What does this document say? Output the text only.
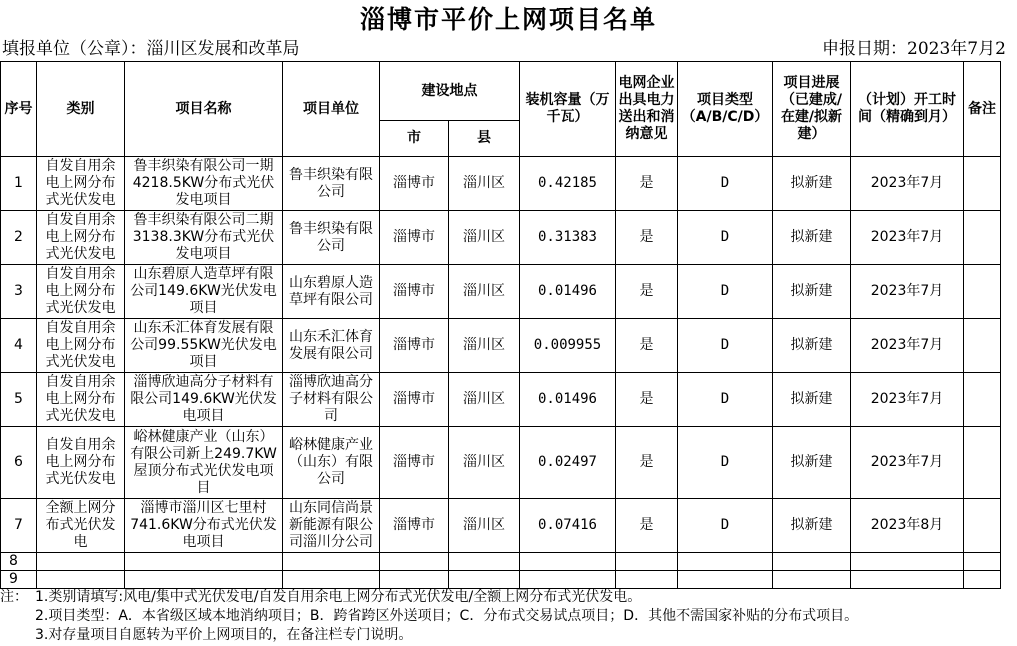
淄博市平价上网项目名单
填报单位（公章）：淄川区发展和改革局	申报日期：2023年7月2
序号	类别	项目名称	项目单位	建设地点		装机容量（万千瓦）	电网企业出具电力送出和消纳意见	项目类型（A/B/C/D）	项目进展（已建成/在建/拟新建）	（计划）开工时间（精确到月）	备注
				市	县						
1	自发自用余电上网分布式光伏发电	鲁丰织染有限公司一期4218.5KW分布式光伏发电项目	鲁丰织染有限公司	淄博市	淄川区	0.42185	是	D	拟新建	2023年7月	
2	自发自用余电上网分布式光伏发电	鲁丰织染有限公司二期3138.3KW分布式光伏发电项目	鲁丰织染有限公司	淄博市	淄川区	0.31383	是	D	拟新建	2023年7月	
3	自发自用余电上网分布式光伏发电	山东碧原人造草坪有限公司149.6KW光伏发电项目	山东碧原人造草坪有限公司	淄博市	淄川区	0.01496	是	D	拟新建	2023年7月	
4	自发自用余电上网分布式光伏发电	山东禾汇体育发展有限公司99.55KW光伏发电项目	山东禾汇体育发展有限公司	淄博市	淄川区	0.009955	是	D	拟新建	2023年7月	
5	自发自用余电上网分布式光伏发电	淄博欣迪高分子材料有限公司149.6KW光伏发电项目	淄博欣迪高分子材料有限公司	淄博市	淄川区	0.01496	是	D	拟新建	2023年7月	
6	自发自用余电上网分布式光伏发电	峪林健康产业（山东）有限公司新上249.7KW屋顶分布式光伏发电项目	峪林健康产业（山东）有限公司	淄博市	淄川区	0.02497	是	D	拟新建	2023年7月	
7	全额上网分布式光伏发电	淄博市淄川区七里村741.6KW分布式光伏发电项目	山东同信尚景新能源有限公司淄川分公司	淄博市	淄川区	0.07416	是	D	拟新建	2023年8月	
8											
9											
注： 1.类别请填写:风电/集中式光伏发电/自发自用余电上网分布式光伏发电/全额上网分布式光伏发电。
2.项目类型：A．本省级区域本地消纳项目；B．跨省跨区外送项目；C．分布式交易试点项目；D．其他不需国家补贴的分布式项目。
3.对存量项目自愿转为平价上网项目的，在备注栏专门说明。
